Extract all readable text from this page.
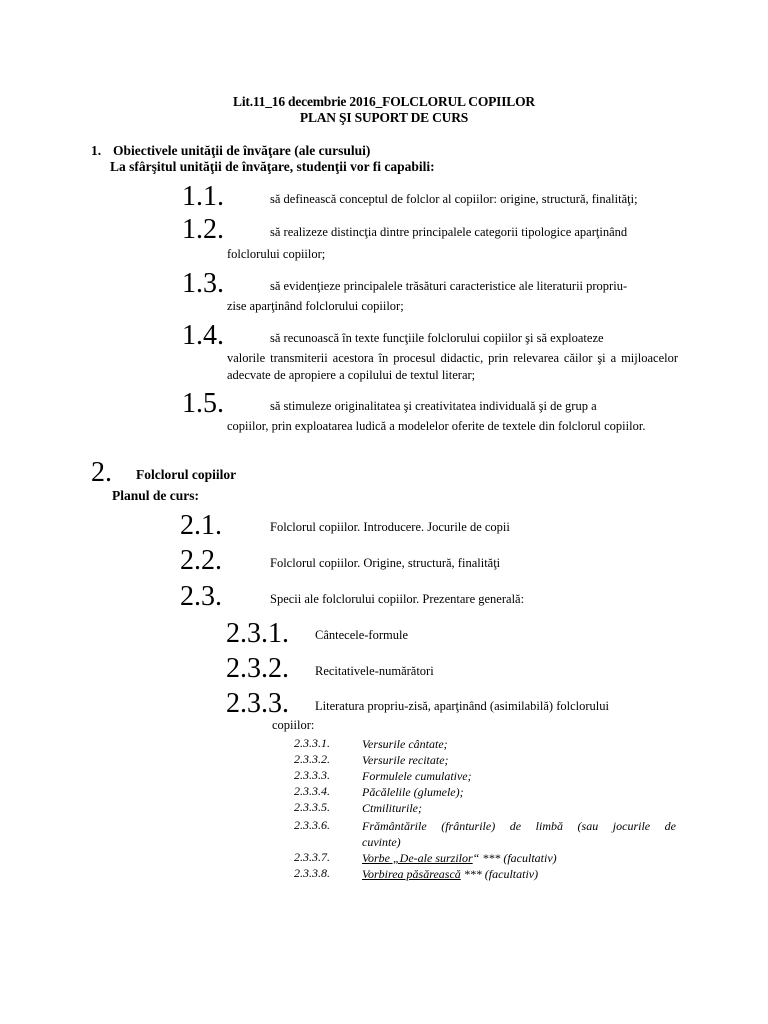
Lit.11_16 decembrie 2016_FOLCLORUL COPIILOR
PLAN ŞI SUPORT DE CURS
1. Obiectivele unităţii de învăţare (ale cursului)
La sfârşitul unităţii de învăţare, studenţii vor fi capabili:
1.1.	să definească conceptul de folclor al copiilor: origine, structură, finalităţi;
1.2.	să realizeze distincţia dintre principalele categorii tipologice aparţinând
folclorului copiilor;
1.3.	să evidenţieze principalele trăsături caracteristice ale literaturii propriu-
zise aparţinând folclorului copiilor;
1.4.	să recunoască în texte funcţiile folclorului copiilor şi să exploateze
valorile transmiterii acestora în procesul didactic, prin relevarea căilor şi a mijloacelor adecvate de apropiere a copilului de textul literar;
1.5.	să stimuleze originalitatea şi creativitatea individuală şi de grup a
copiilor, prin exploatarea ludică a modelelor oferite de textele din folclorul copiilor.
2. Folclorul copiilor
Planul de curs:
2.1.	Folclorul copiilor. Introducere. Jocurile de copii
2.2.	Folclorul copiilor. Origine, structură, finalităţi
2.3.	Specii ale folclorului copiilor. Prezentare generală:
2.3.1. Cântecele-formule
2.3.2. Recitativele-numărători
2.3.3. Literatura propriu-zisă, aparţinând (asimilabilă) folclorului
copiilor:
2.3.3.1.	Versurile cântate;
2.3.3.2.	Versurile recitate;
2.3.3.3.	Formulele cumulative;
2.3.3.4.	Păcălelile (glumele);
2.3.3.5.	Ctmiliturile;
2.3.3.6.	Frământările (frânturile) de limbă (sau jocurile de
cuvinte)
2.3.3.7.	Vorbe „De-ale surzilor“ *** (facultativ)
2.3.3.8.	Vorbirea păsărească *** (facultativ)
